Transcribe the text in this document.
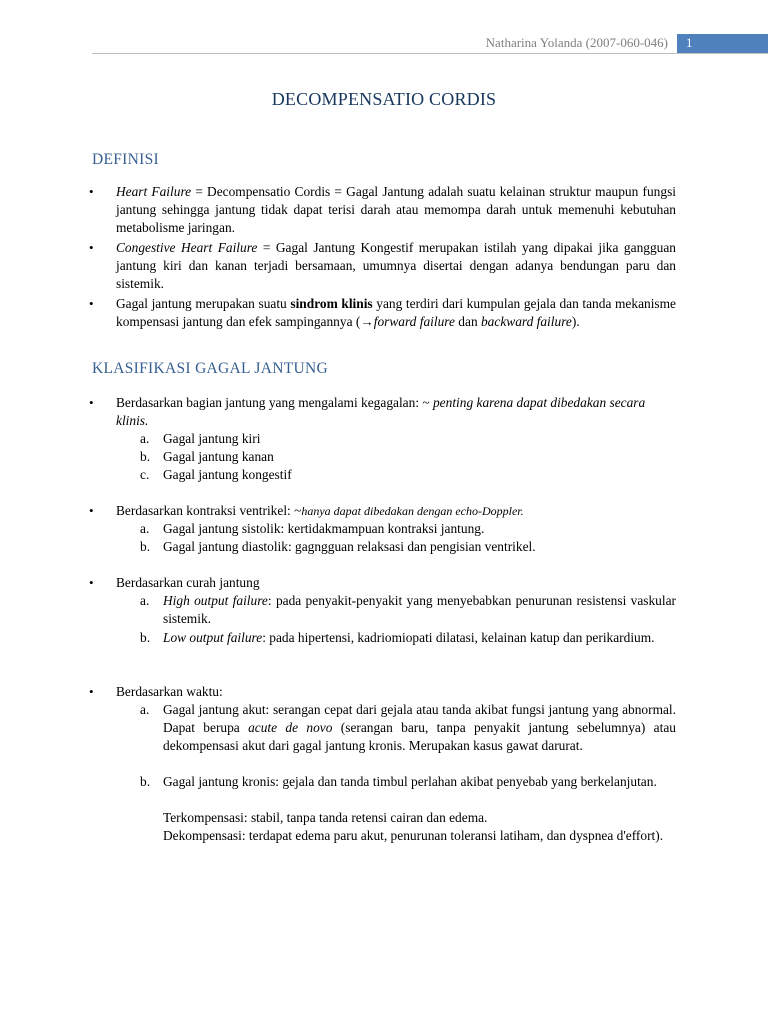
Natharina Yolanda (2007-060-046) 1
DECOMPENSATIO CORDIS
DEFINISI
• Heart Failure = Decompensatio Cordis = Gagal Jantung adalah suatu kelainan struktur maupun fungsi jantung sehingga jantung tidak dapat terisi darah atau memompa darah untuk memenuhi kebutuhan metabolisme jaringan.
• Congestive Heart Failure = Gagal Jantung Kongestif merupakan istilah yang dipakai jika gangguan jantung kiri dan kanan terjadi bersamaan, umumnya disertai dengan adanya bendungan paru dan sistemik.
• Gagal jantung merupakan suatu sindrom klinis yang terdiri dari kumpulan gejala dan tanda mekanisme kompensasi jantung dan efek sampingannya (→forward failure dan backward failure).
KLASIFIKASI GAGAL JANTUNG
• Berdasarkan bagian jantung yang mengalami kegagalan: ~ penting karena dapat dibedakan secara klinis.
a. Gagal jantung kiri
b. Gagal jantung kanan
c. Gagal jantung kongestif
• Berdasarkan kontraksi ventrikel: ~hanya dapat dibedakan dengan echo-Doppler.
a. Gagal jantung sistolik: kertidakmampuan kontraksi jantung.
b. Gagal jantung diastolik: gagngguan relaksasi dan pengisian ventrikel.
• Berdasarkan curah jantung
a. High output failure: pada penyakit-penyakit yang menyebabkan penurunan resistensi vaskular sistemik.
b. Low output failure: pada hipertensi, kadriomiopati dilatasi, kelainan katup dan perikardium.
• Berdasarkan waktu:
a. Gagal jantung akut: serangan cepat dari gejala atau tanda akibat fungsi jantung yang abnormal. Dapat berupa acute de novo (serangan baru, tanpa penyakit jantung sebelumnya) atau dekompensasi akut dari gagal jantung kronis. Merupakan kasus gawat darurat.
b. Gagal jantung kronis: gejala dan tanda timbul perlahan akibat penyebab yang berkelanjutan.
Terkompensasi: stabil, tanpa tanda retensi cairan dan edema.
Dekompensasi: terdapat edema paru akut, penurunan toleransi latiham, dan dyspnea d'effort).
